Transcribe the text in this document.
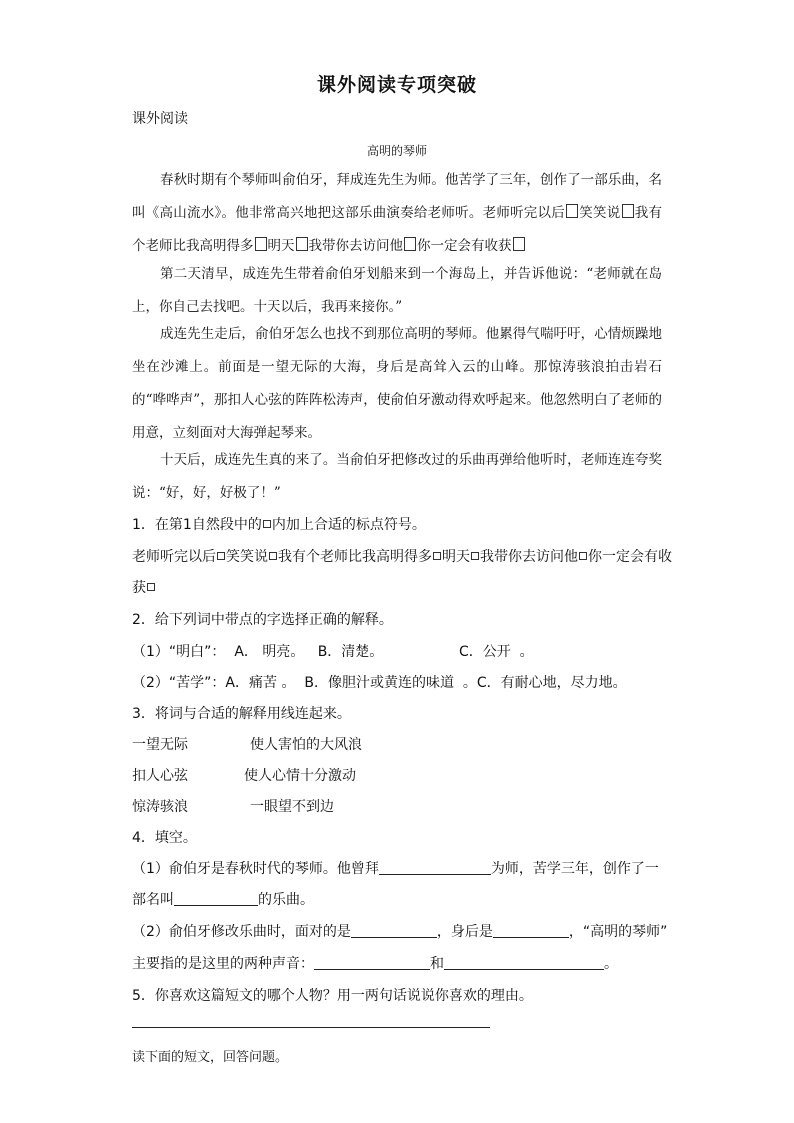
课外阅读专项突破
课外阅读
高明的琴师

春秋时期有个琴师叫俞伯牙，拜成连先生为师。他苦学了三年，创作了一部乐曲，名叫《高山流水》。他非常高兴地把这部乐曲演奏给老师听。老师听完以后 笑笑说 我有个老师比我高明得多 明天 我带你去访问他 你一定会有收获

第二天清早，成连先生带着俞伯牙划船来到一个海岛上，并告诉他说：“老师就在岛上，你自己去找吧。十天以后，我再来接你。”

成连先生走后，俞伯牙怎么也找不到那位高明的琴师。他累得气喘吁吁，心情烦躁地坐在沙滩上。前面是一望无际的大海，身后是高耸入云的山峰。那惊涛骇浪拍击岩石的“哗哗声”，那扣人心弦的阵阵松涛声，使俞伯牙激动得欢呼起来。他忽然明白了老师的用意，立刻面对大海弹起琴来。

十天后，成连先生真的来了。当俞伯牙把修改过的乐曲再弹给他听时，老师连连夸奖说：“好，好，好极了！”

1．在第1自然段中的 内加上合适的标点符号。
老师听完以后 笑笑说 我有个老师比我高明得多 明天 我带你去访问他 你一定会有收
获
2．给下列词中带点的字选择正确的解释。
（1）“明白”：  A． 明亮。   B．清楚。                 C．公开  。
（2）“苦学”：A．痛苦 。  B．像胆汁或黄连的味道  。C．有耐心地，尽力地。
3．将词与合适的解释用线连起来。
一望无际	使人害怕的大风浪
扣人心弦	使人心情十分激动
惊涛骇浪	一眼望不到边
4．填空。
（1）俞伯牙是春秋时代的琴师。他曾拜	为师，苦学三年，创作了一
部名叫	的乐曲。
（2）俞伯牙修改乐曲时，面对的是	，身后是	，“高明的琴师”
主要指的是这里的两种声音：	和	。
5．你喜欢这篇短文的哪个人物？用一两句话说说你喜欢的理由。
读下面的短文，回答问题。
